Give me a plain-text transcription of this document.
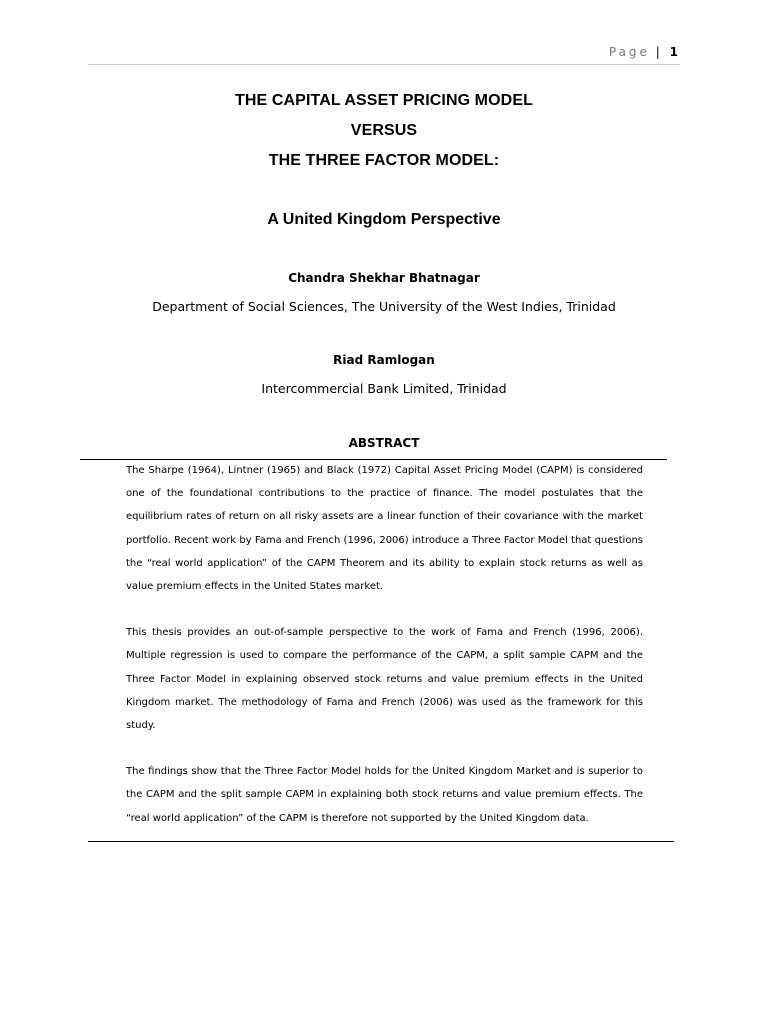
Page | 1
THE CAPITAL ASSET PRICING MODEL
VERSUS
THE THREE FACTOR MODEL:
A United Kingdom Perspective
Chandra Shekhar Bhatnagar
Department of Social Sciences, The University of the West Indies, Trinidad
Riad Ramlogan
Intercommercial Bank Limited, Trinidad
ABSTRACT

The Sharpe (1964), Lintner (1965) and Black (1972) Capital Asset Pricing Model (CAPM) is considered one of the foundational contributions to the practice of finance. The model postulates that the equilibrium rates of return on all risky assets are a linear function of their covariance with the market portfolio. Recent work by Fama and French (1996, 2006) introduce a Three Factor Model that questions the “real world application” of the CAPM Theorem and its ability to explain stock returns as well as value premium effects in the United States market.

This thesis provides an out-of-sample perspective to the work of Fama and French (1996, 2006). Multiple regression is used to compare the performance of the CAPM, a split sample CAPM and the Three Factor Model in explaining observed stock returns and value premium effects in the United Kingdom market. The methodology of Fama and French (2006) was used as the framework for this study.

The findings show that the Three Factor Model holds for the United Kingdom Market and is superior to the CAPM and the split sample CAPM in explaining both stock returns and value premium effects. The “real world application” of the CAPM is therefore not supported by the United Kingdom data.
